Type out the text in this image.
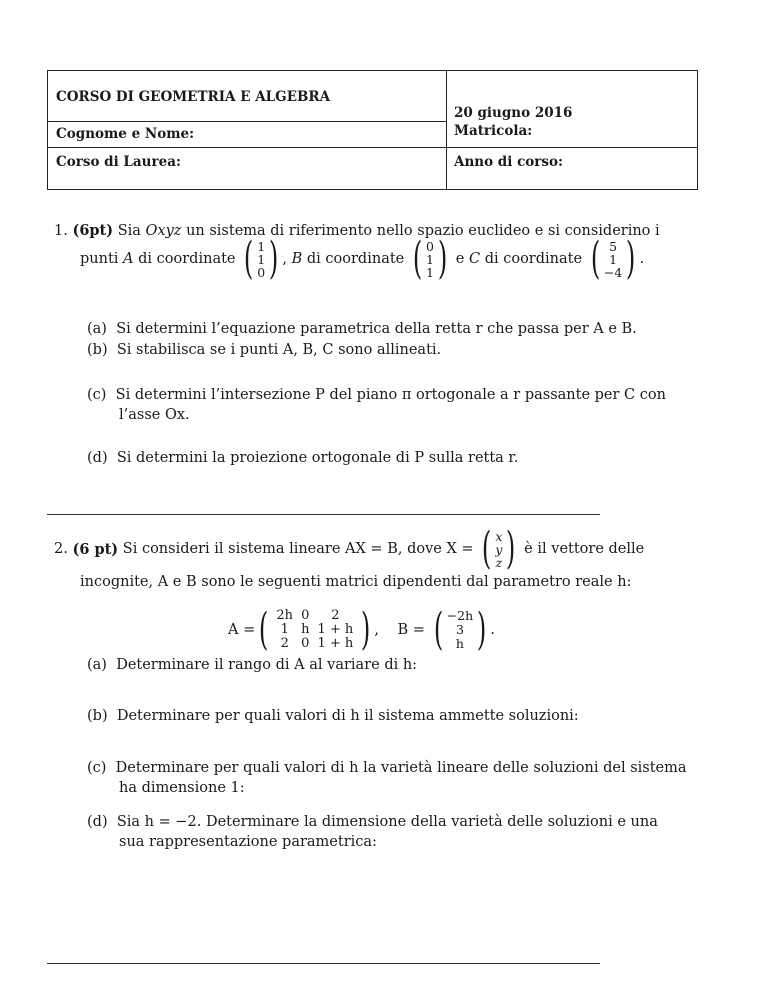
CORSO DI GEOMETRIA E ALGEBRA
20 giugno 2016
Cognome e Nome:	Matricola:
Corso di Laurea:	Anno di corso:
1. (6pt) Sia Oxyz un sistema di riferimento nello spazio euclideo e si considerino i
punti
A
di coordinate
( 1
1
0 ) , B
di coordinate
( 0
1
1 )
e
C
di coordinate
( 5
1
−4 ) .
(a) Si determini l’equazione parametrica della retta r che passa per A e B.
(b) Si stabilisca se i punti A, B, C sono allineati.
(c) Si determini l’intersezione P del piano π ortogonale a r passante per C con
l’asse Ox.
(d) Si determini la proiezione ortogonale di P sulla retta r.
2.
(6 pt)
Si consideri il sistema lineare AX = B, dove X =
( x
y
z )
è il vettore delle
incognite, A e B sono le seguenti matrici dipendenti dal parametro reale h:
A = ( 2h	0	2
1	h	1 + h
2	0	1 + h ) , B =
( −2h
3
h ) .
(a) Determinare il rango di A al variare di h:
(b) Determinare per quali valori di h il sistema ammette soluzioni:
(c) Determinare per quali valori di h la varietà lineare delle soluzioni del sistema
ha dimensione 1:
(d) Sia h = −2. Determinare la dimensione della varietà delle soluzioni e una
sua rappresentazione parametrica:
